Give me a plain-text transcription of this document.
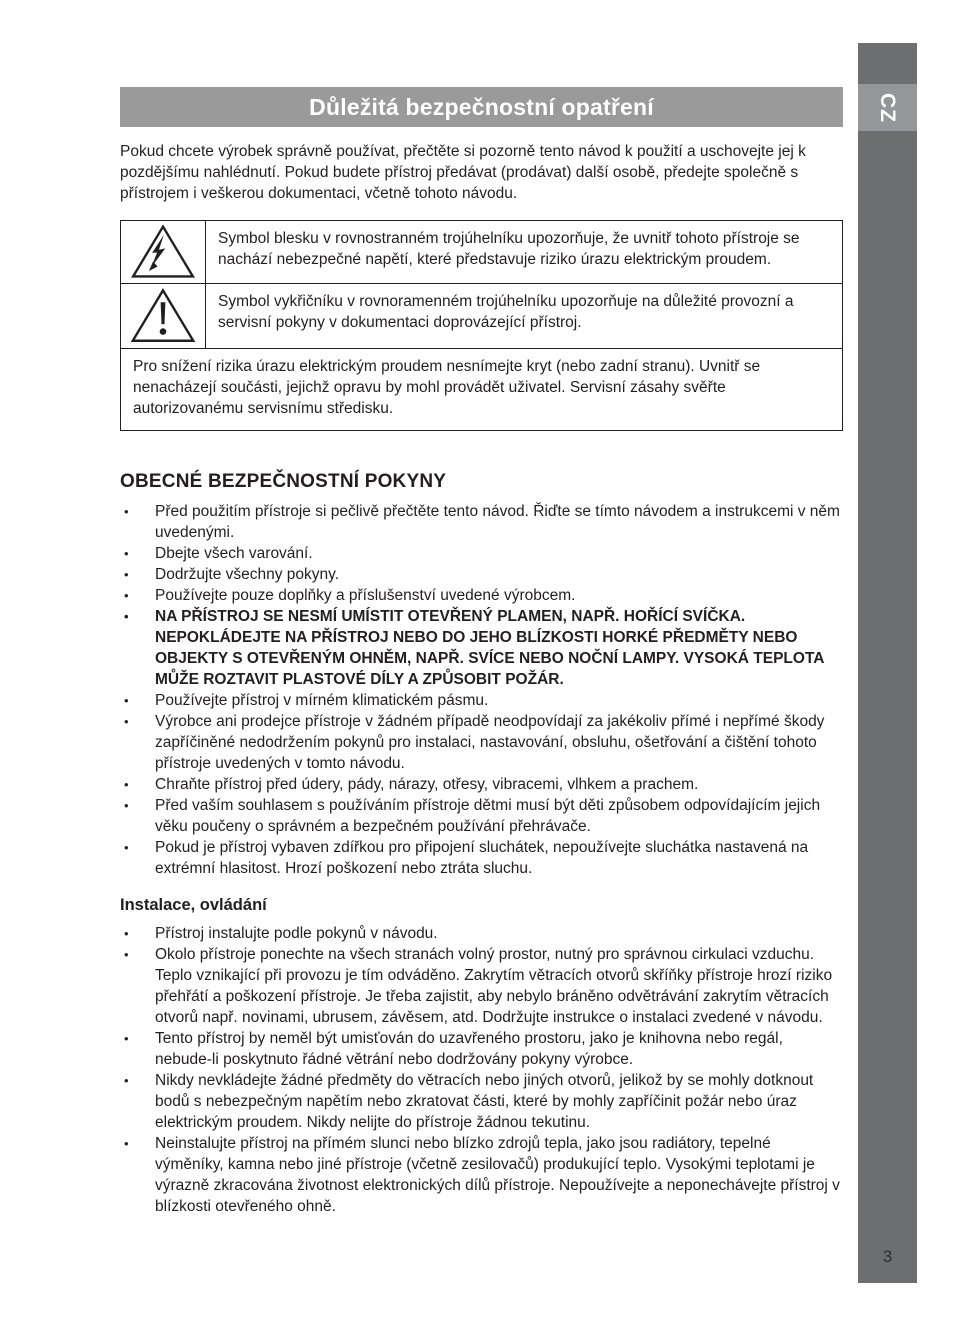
CZ
3
Důležitá bezpečnostní opatření

Pokud chcete výrobek správně používat, přečtěte si pozorně tento návod k použití a uschovejte jej k pozdějšímu nahlédnutí. Pokud budete přístroj předávat (prodávat) další osobě, předejte společně s přístrojem i veškerou dokumentaci, včetně tohoto návodu.

Symbol blesku v rovnostranném trojúhelníku upozorňuje, že uvnitř tohoto přístroje se nachází nebezpečné napětí, které představuje riziko úrazu elektrickým proudem.
Symbol vykřičníku v rovnoramenném trojúhelníku upozorňuje na důležité provozní a servisní pokyny v dokumentaci doprovázející přístroj.
Pro snížení rizika úrazu elektrickým proudem nesnímejte kryt (nebo zadní stranu). Uvnitř se nenacházejí součásti, jejichž opravu by mohl provádět uživatel. Servisní zásahy svěřte autorizovanému servisnímu středisku.
OBECNÉ BEZPEČNOSTNÍ POKYNY
• Před použitím přístroje si pečlivě přečtěte tento návod. Řiďte se tímto návodem a instrukcemi v něm uvedenými.
• Dbejte všech varování.
• Dodržujte všechny pokyny.
• Používejte pouze doplňky a příslušenství uvedené výrobcem.
• NA PŘÍSTROJ SE NESMÍ UMÍSTIT OTEVŘENÝ PLAMEN, NAPŘ. HOŘÍCÍ SVÍČKA. NEPOKLÁDEJTE NA PŘÍSTROJ NEBO DO JEHO BLÍZKOSTI HORKÉ PŘEDMĚTY NEBO OBJEKTY S OTEVŘENÝM OHNĚM, NAPŘ. SVÍCE NEBO NOČNÍ LAMPY. VYSOKÁ TEPLOTA MŮŽE ROZTAVIT PLASTOVÉ DÍLY A ZPŮSOBIT POŽÁR.
• Používejte přístroj v mírném klimatickém pásmu.
• Výrobce ani prodejce přístroje v žádném případě neodpovídají za jakékoliv přímé i nepřímé škody zapříčiněné nedodržením pokynů pro instalaci, nastavování, obsluhu, ošetřování a čištění tohoto přístroje uvedených v tomto návodu.
• Chraňte přístroj před údery, pády, nárazy, otřesy, vibracemi, vlhkem a prachem.
• Před vaším souhlasem s používáním přístroje dětmi musí být děti způsobem odpovídajícím jejich věku poučeny o správném a bezpečném používání přehrávače.
• Pokud je přístroj vybaven zdířkou pro připojení sluchátek, nepoužívejte sluchátka nastavená na extrémní hlasitost. Hrozí poškození nebo ztráta sluchu.
Instalace, ovládání
• Přístroj instalujte podle pokynů v návodu.
• Okolo přístroje ponechte na všech stranách volný prostor, nutný pro správnou cirkulaci vzduchu. Teplo vznikající při provozu je tím odváděno. Zakrytím větracích otvorů skříňky přístroje hrozí riziko přehřátí a poškození přístroje. Je třeba zajistit, aby nebylo bráněno odvětrávání zakrytím větracích otvorů např. novinami, ubrusem, závěsem, atd. Dodržujte instrukce o instalaci zvedené v návodu.
• Tento přístroj by neměl být umisťován do uzavřeného prostoru, jako je knihovna nebo regál, nebude-li poskytnuto řádné větrání nebo dodržovány pokyny výrobce.
• Nikdy nevkládejte žádné předměty do větracích nebo jiných otvorů, jelikož by se mohly dotknout bodů s nebezpečným napětím nebo zkratovat části, které by mohly zapříčinit požár nebo úraz elektrickým proudem. Nikdy nelijte do přístroje žádnou tekutinu.
• Neinstalujte přístroj na přímém slunci nebo blízko zdrojů tepla, jako jsou radiátory, tepelné výměníky, kamna nebo jiné přístroje (včetně zesilovačů) produkující teplo. Vysokými teplotami je výrazně zkracována životnost elektronických dílů přístroje. Nepoužívejte a neponechávejte přístroj v blízkosti otevřeného ohně.
